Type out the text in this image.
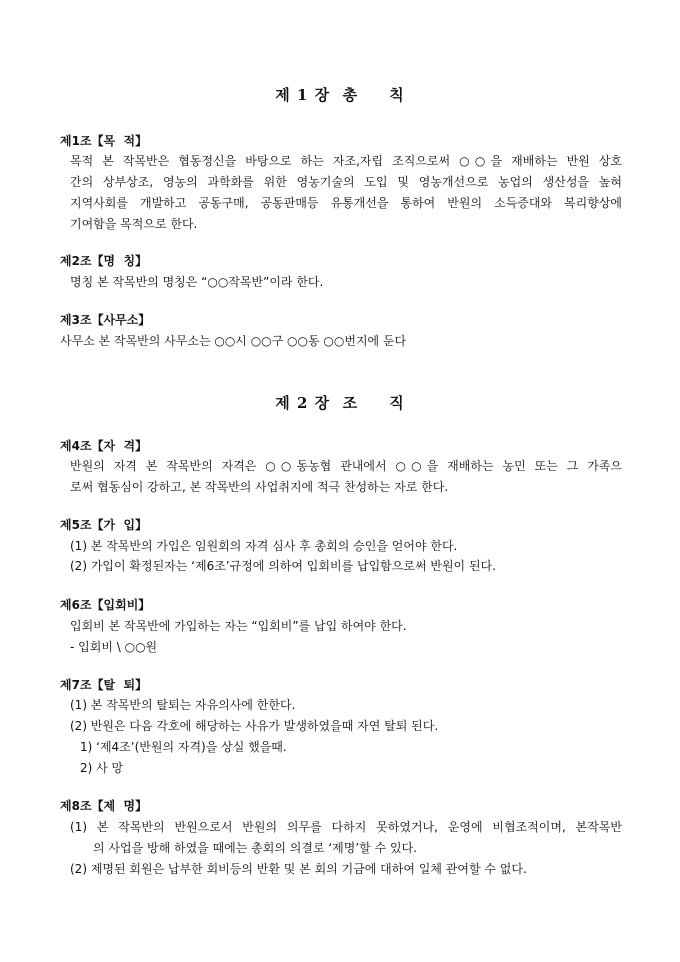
제 1 장  총     칙
제1조【목  적】
목적 본 작목반은 협동정신을 바탕으로 하는 자조,자립 조직으로써 ○○을 재배하는 반원 상호
간의 상부상조, 영농의 과학화를 위한 영농기술의 도입 및 영농개선으로 농업의 생산성을 높혀
지역사회를 개발하고 공동구매, 공동판매등 유통개선을 통하여 반원의 소득증대와 복리향상에
기여함을 목적으로 한다.
제2조【명  칭】
명칭 본 작목반의 명칭은 “○○작목반”이라 한다.
제3조【사무소】
사무소 본 작목반의 사무소는 ○○시 ○○구 ○○동 ○○번지에 둔다
제 2 장  조     직
제4조【자  격】
반원의 자격 본 작목반의 자격은 ○○동농협 관내에서 ○○을 재배하는 농민 또는 그 가족으
로써 협동심이 강하고, 본 작목반의 사업취지에 적극 찬성하는 자로 한다.
제5조【가  입】
(1) 본 작목반의 가입은 임원회의 자격 심사 후 총회의 승인을 얻어야 한다.
(2) 가입이 확정된자는 ‘제6조’규정에 의하여 입회비를 납입함으로써 반원이 된다.
제6조【입회비】
입회비 본 작목반에 가입하는 자는 “입회비”를 납입 하여야 한다.
- 입회비 \ ○○원
제7조【탈  퇴】
(1) 본 작목반의 탈퇴는 자유의사에 한한다.
(2) 반원은 다음 각호에 해당하는 사유가 발생하였을때 자연 탈퇴 된다.
1) ‘제4조’(반원의 자격)을 상실 했을때.
2) 사 망
제8조【제  명】
(1) 본 작목반의 반원으로서 반원의 의무를 다하지 못하였거나, 운영에 비협조적이며, 본작목반
의 사업을 방해 하였을 때에는 총회의 의결로 ‘제명’할 수 있다.
(2) 제명된 회원은 납부한 회비등의 반환 및 본 회의 기금에 대하여 일체 관여할 수 없다.
